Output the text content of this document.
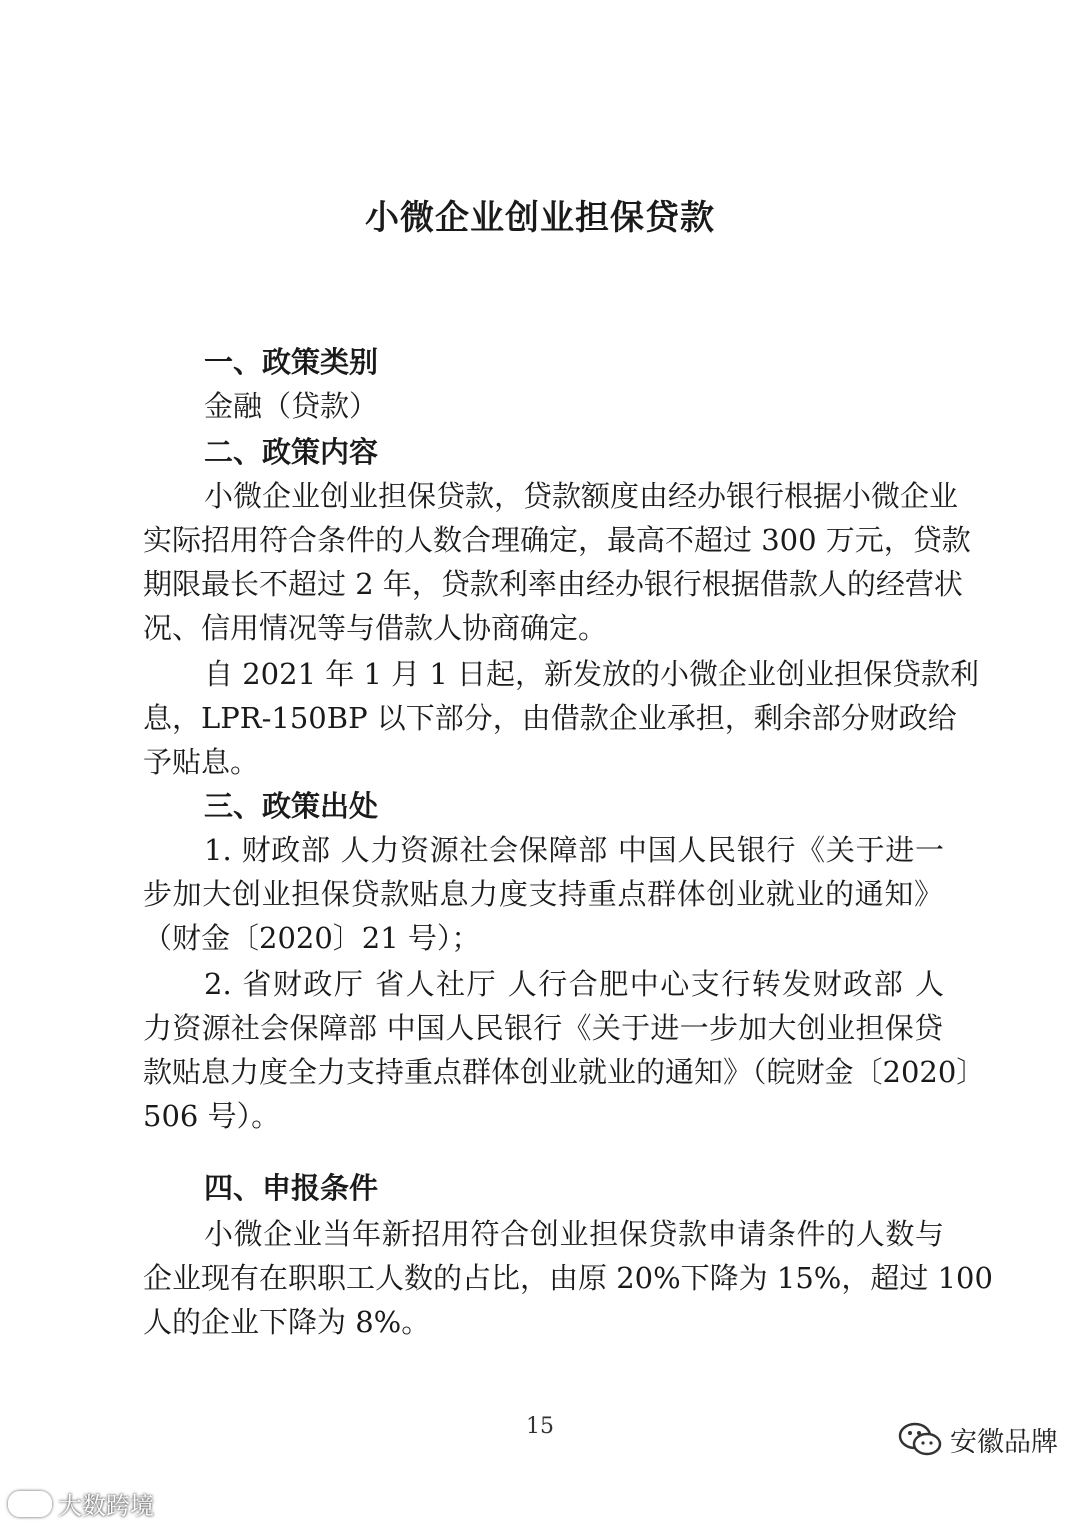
小微企业创业担保贷款
一、政策类别
金融（贷款）
二、政策内容
小微企业创业担保贷款，贷款额度由经办银行根据小微企业
实际招用符合条件的人数合理确定，最高不超过 300 万元，贷款
期限最长不超过 2 年，贷款利率由经办银行根据借款人的经营状
况、信用情况等与借款人协商确定。
自 2021 年 1 月 1 日起，新发放的小微企业创业担保贷款利
息，LPR-150BP 以下部分，由借款企业承担，剩余部分财政给
予贴息。
三、政策出处
1. 财政部 人力资源社会保障部 中国人民银行《关于进一
步加大创业担保贷款贴息力度支持重点群体创业就业的通知》
（财金〔2020〕21 号）；
2. 省财政厅 省人社厅 人行合肥中心支行转发财政部 人
力资源社会保障部 中国人民银行《关于进一步加大创业担保贷
款贴息力度全力支持重点群体创业就业的通知》（皖财金〔2020〕
506 号）。
四、申报条件
小微企业当年新招用符合创业担保贷款申请条件的人数与
企业现有在职职工人数的占比，由原 20%下降为 15%，超过 100
人的企业下降为 8%。
15
安徽品牌
大数跨境
